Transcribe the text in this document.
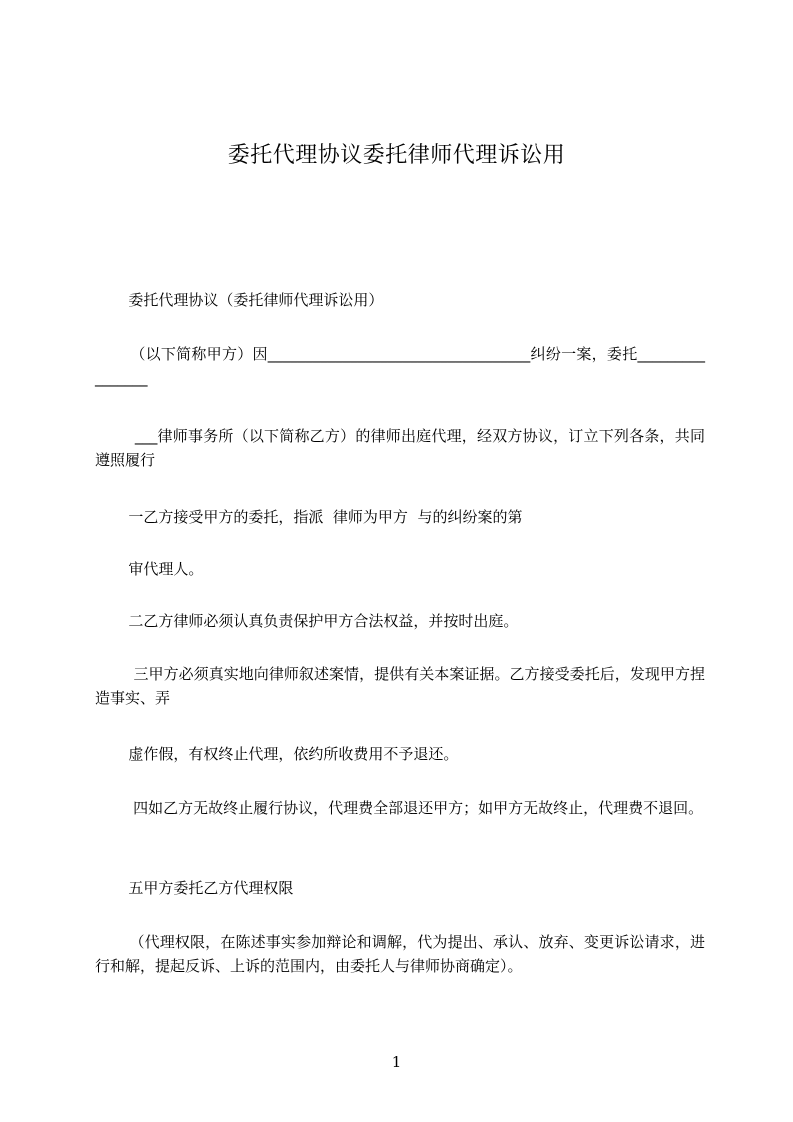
委托代理协议委托律师代理诉讼用
委托代理协议（委托律师代理诉讼用）
（以下简称甲方）因___________________________________纠纷一案，委托________________
___律师事务所（以下简称乙方）的律师出庭代理，经双方协议，订立下列各条，共同遵照履行
一乙方接受甲方的委托，指派  律师为甲方  与的纠纷案的第
审代理人。
二乙方律师必须认真负责保护甲方合法权益，并按时出庭。
三甲方必须真实地向律师叙述案情，提供有关本案证据。乙方接受委托后，发现甲方捏造事实、弄
虚作假，有权终止代理，依约所收费用不予退还。
四如乙方无故终止履行协议，代理费全部退还甲方；如甲方无故终止，代理费不退回。
五甲方委托乙方代理权限
（代理权限，在陈述事实参加辩论和调解，代为提出、承认、放弃、变更诉讼请求，进行和解，提起反诉、上诉的范围内，由委托人与律师协商确定）。
1
